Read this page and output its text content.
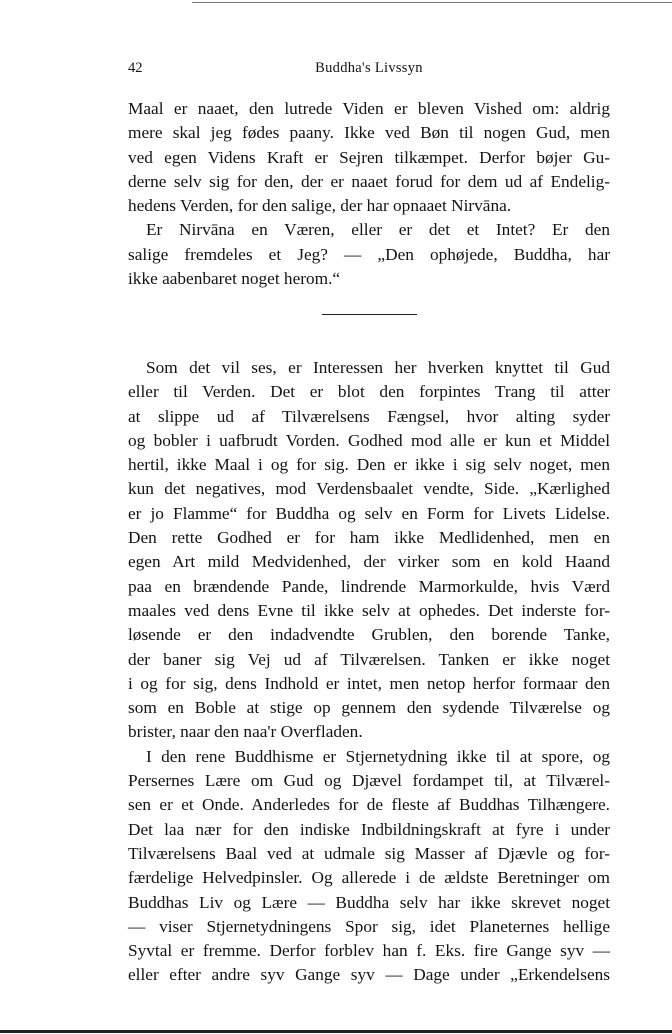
42	Buddha's Livssyn
Maal er naaet, den lutrede Viden er bleven Vished om: aldrig
mere skal jeg fødes paany. Ikke ved Bøn til nogen Gud, men
ved egen Videns Kraft er Sejren tilkæmpet. Derfor bøjer Gu-
derne selv sig for den, der er naaet forud for dem ud af Endelig-
hedens Verden, for den salige, der har opnaaet Nirvāna.
Er Nirvāna en Væren, eller er det et Intet? Er den
salige fremdeles et Jeg? — „Den ophøjede, Buddha, har
ikke aabenbaret noget herom.“
Som det vil ses, er Interessen her hverken knyttet til Gud
eller til Verden. Det er blot den forpintes Trang til atter
at slippe ud af Tilværelsens Fængsel, hvor alting syder
og bobler i uafbrudt Vorden. Godhed mod alle er kun et Middel
hertil, ikke Maal i og for sig. Den er ikke i sig selv noget, men
kun det negatives, mod Verdensbaalet vendte, Side. „Kærlighed
er jo Flamme“ for Buddha og selv en Form for Livets Lidelse.
Den rette Godhed er for ham ikke Medlidenhed, men en
egen Art mild Medvidenhed, der virker som en kold Haand
paa en brændende Pande, lindrende Marmorkulde, hvis Værd
maales ved dens Evne til ikke selv at ophedes. Det inderste for-
løsende er den indadvendte Grublen, den borende Tanke,
der baner sig Vej ud af Tilværelsen. Tanken er ikke noget
i og for sig, dens Indhold er intet, men netop herfor formaar den
som en Boble at stige op gennem den sydende Tilværelse og
brister, naar den naa'r Overfladen.
I den rene Buddhisme er Stjernetydning ikke til at spore, og
Persernes Lære om Gud og Djævel fordampet til, at Tilværel-
sen er et Onde. Anderledes for de fleste af Buddhas Tilhængere.
Det laa nær for den indiske Indbildningskraft at fyre i under
Tilværelsens Baal ved at udmale sig Masser af Djævle og for-
færdelige Helvedpinsler. Og allerede i de ældste Beretninger om
Buddhas Liv og Lære — Buddha selv har ikke skrevet noget
— viser Stjernetydningens Spor sig, idet Planeternes hellige
Syvtal er fremme. Derfor forblev han f. Eks. fire Gange syv —
eller efter andre syv Gange syv — Dage under „Erkendelsens
